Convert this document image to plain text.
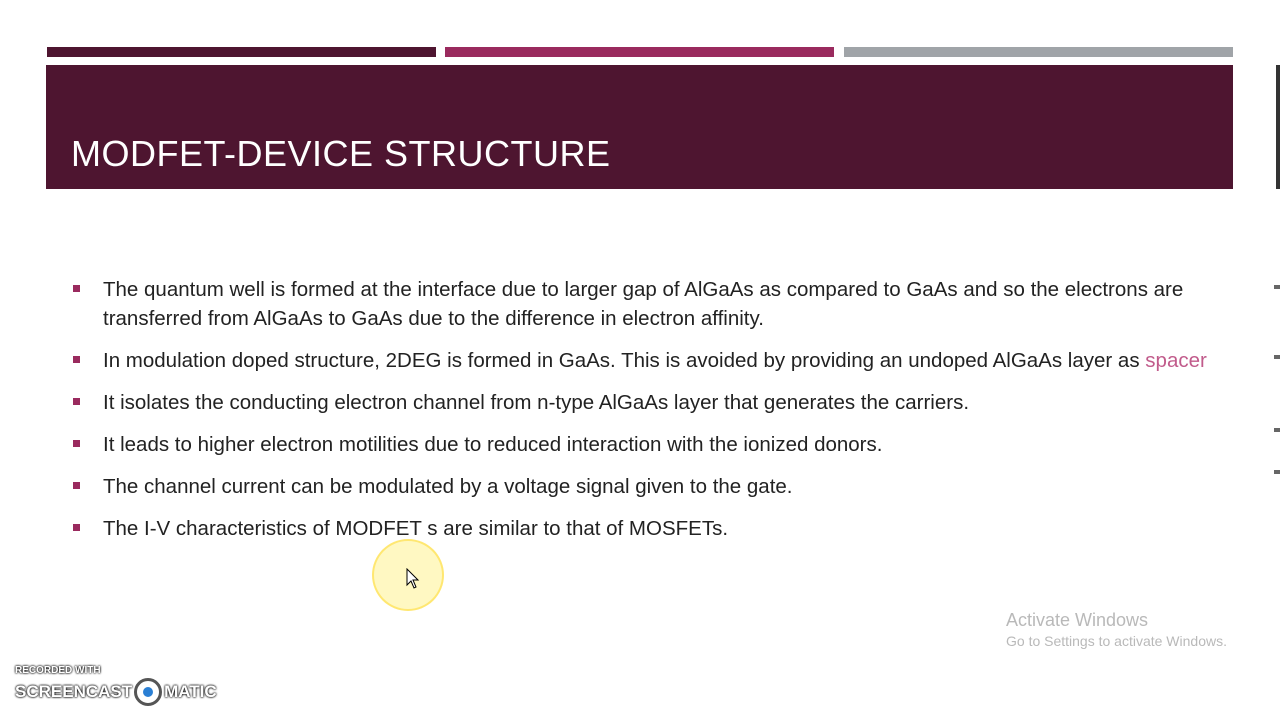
MODFET-DEVICE STRUCTURE
The quantum well is formed at the interface due to larger gap of AlGaAs as compared to GaAs and so the electrons are transferred from AlGaAs to GaAs due to the difference in electron affinity.
In modulation doped structure, 2DEG is formed in GaAs. This is avoided by providing an undoped AlGaAs layer as spacer
It isolates the conducting electron channel from n-type AlGaAs layer that generates the carriers.
It leads to higher electron motilities due to reduced interaction with the ionized donors.
The channel current can be modulated by a voltage signal given to the gate.
The I-V characteristics of MODFET s are similar to that of MOSFETs.
Activate Windows
Go to Settings to activate Windows.
RECORDED WITH
SCREENCAST MATIC
